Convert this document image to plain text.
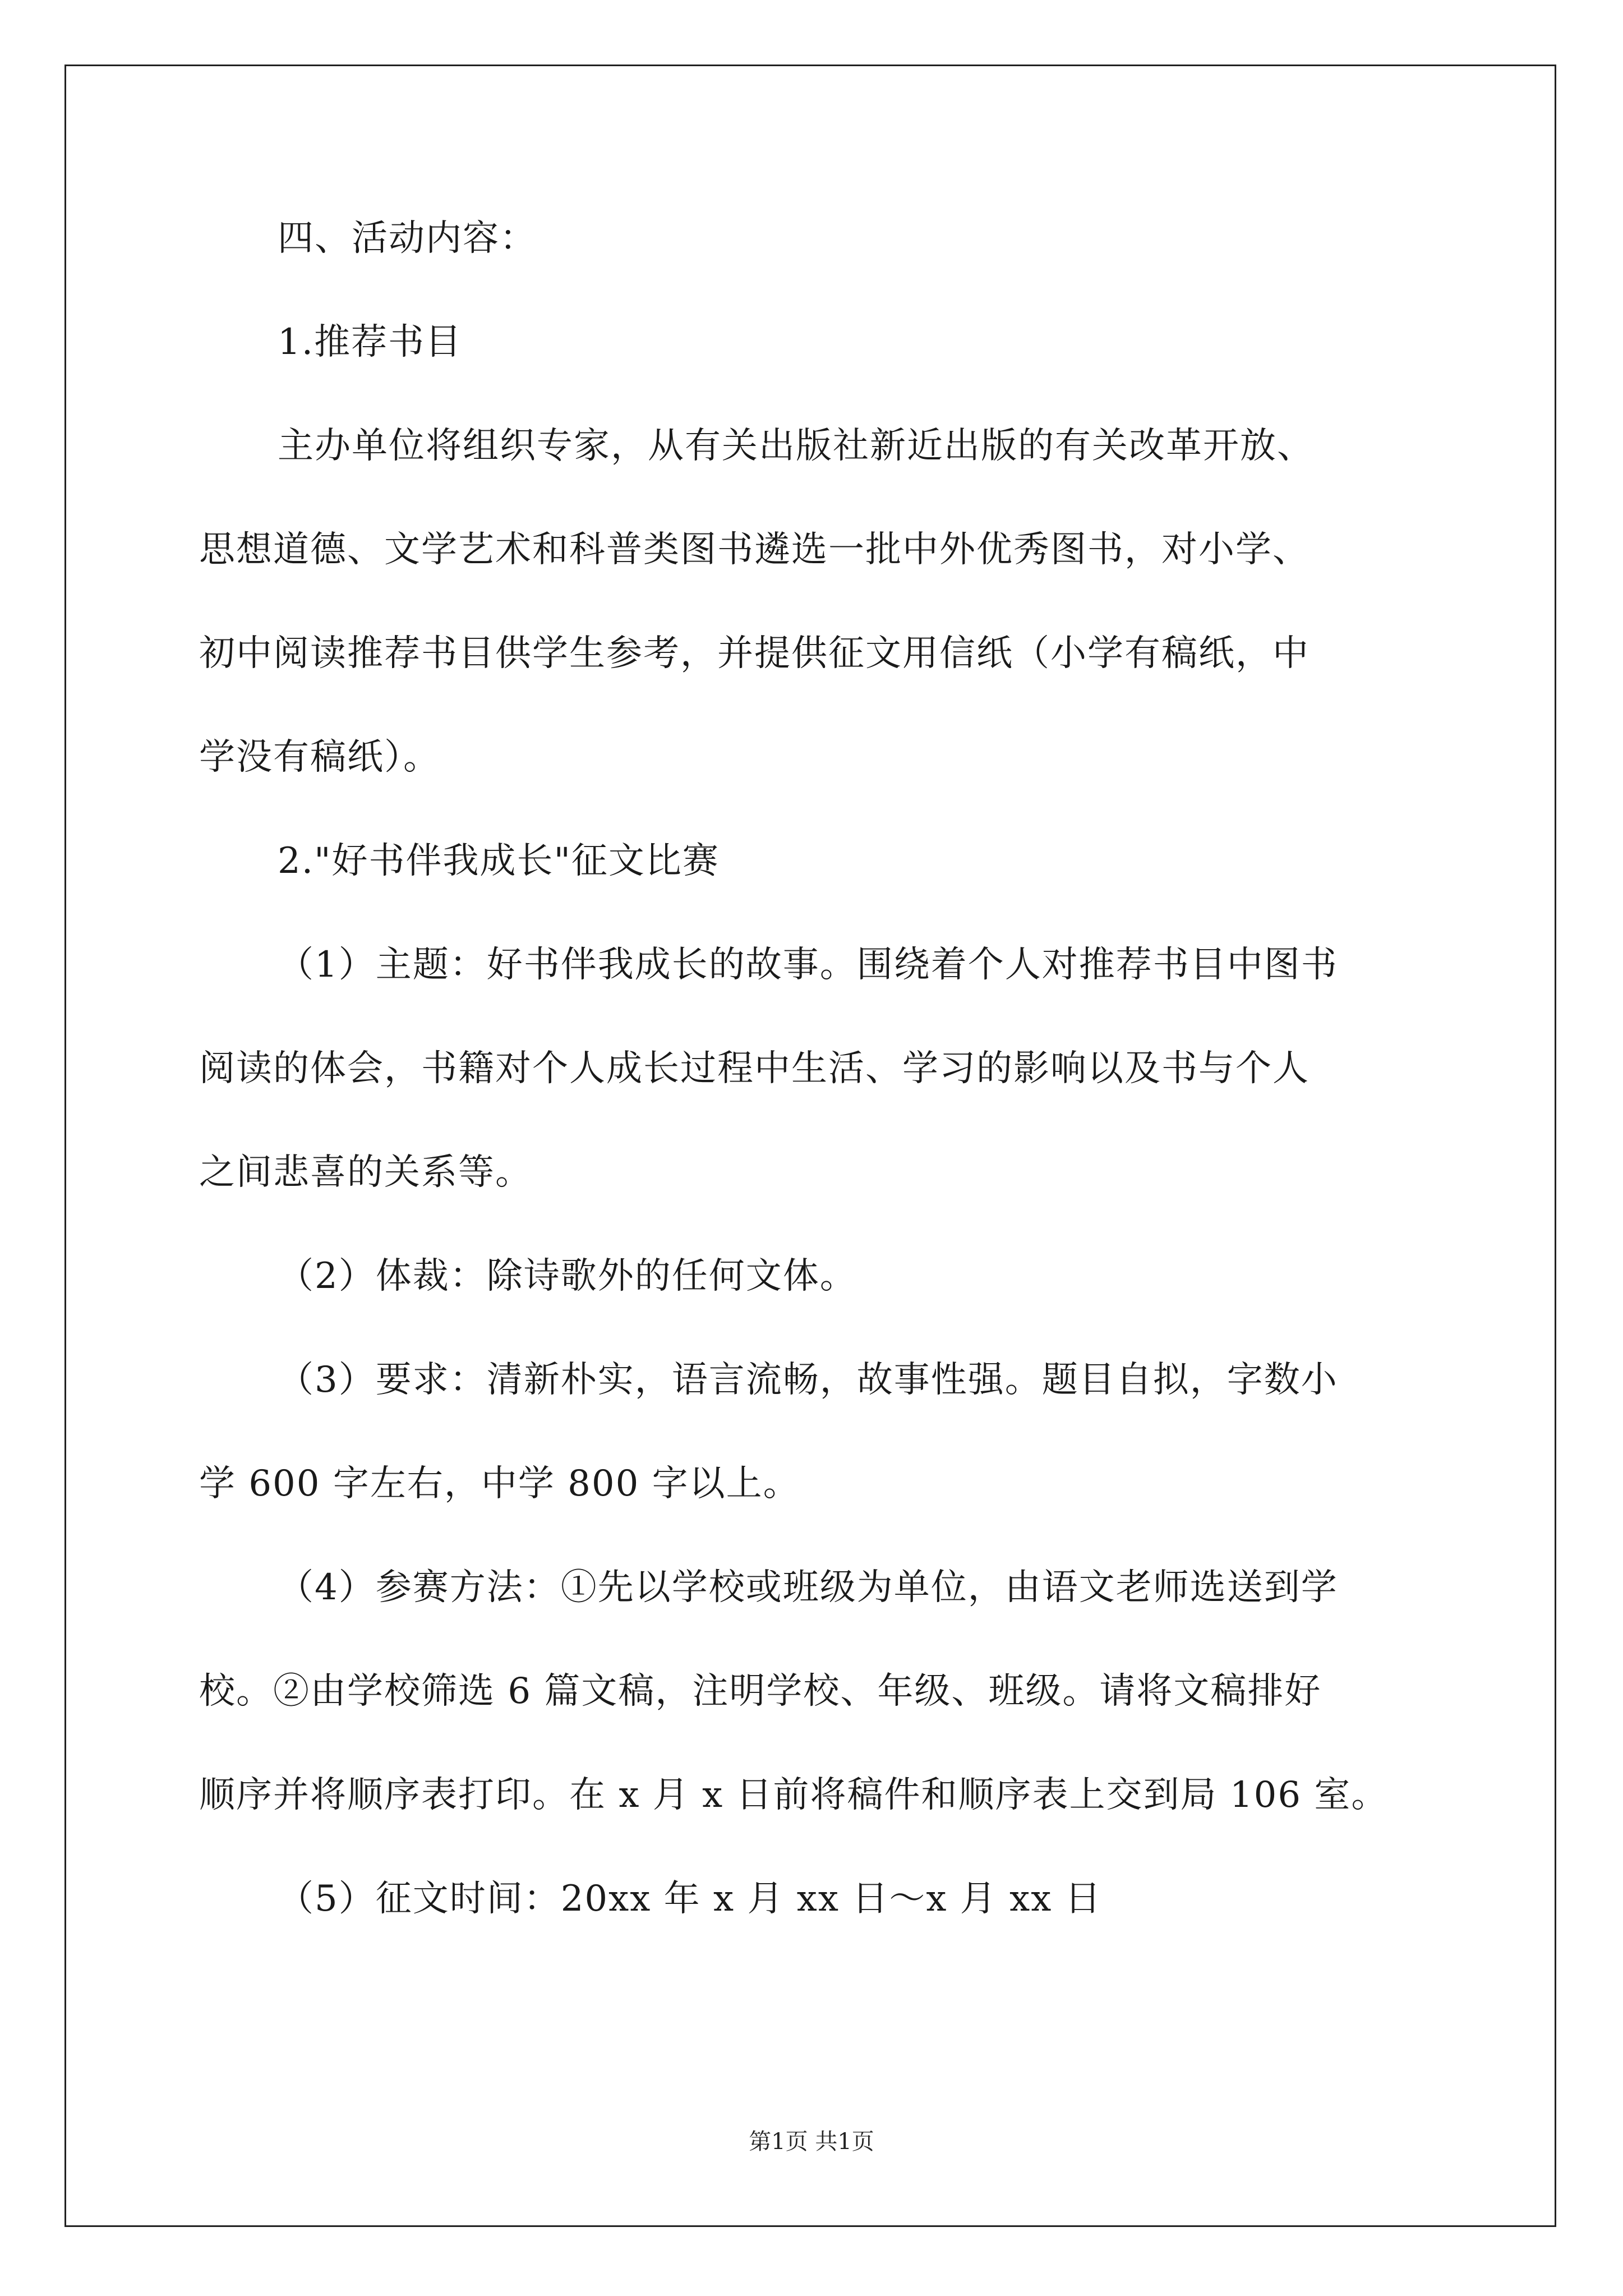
四、活动内容：
1.推荐书目
主办单位将组织专家，从有关出版社新近出版的有关改革开放、
思想道德、文学艺术和科普类图书遴选一批中外优秀图书，对小学、
初中阅读推荐书目供学生参考，并提供征文用信纸（小学有稿纸，中
学没有稿纸）。
2."好书伴我成长"征文比赛
（1）主题：好书伴我成长的故事。围绕着个人对推荐书目中图书
阅读的体会，书籍对个人成长过程中生活、学习的影响以及书与个人
之间悲喜的关系等。
（2）体裁：除诗歌外的任何文体。
（3）要求：清新朴实，语言流畅，故事性强。题目自拟，字数小
学 600 字左右，中学 800 字以上。
（4）参赛方法：①先以学校或班级为单位，由语文老师选送到学
校。②由学校筛选 6 篇文稿，注明学校、年级、班级。请将文稿排好
顺序并将顺序表打印。在 x 月 x 日前将稿件和顺序表上交到局 106 室。
（5）征文时间：20xx 年 x 月 xx 日～x 月 xx 日
第1页 共1页
